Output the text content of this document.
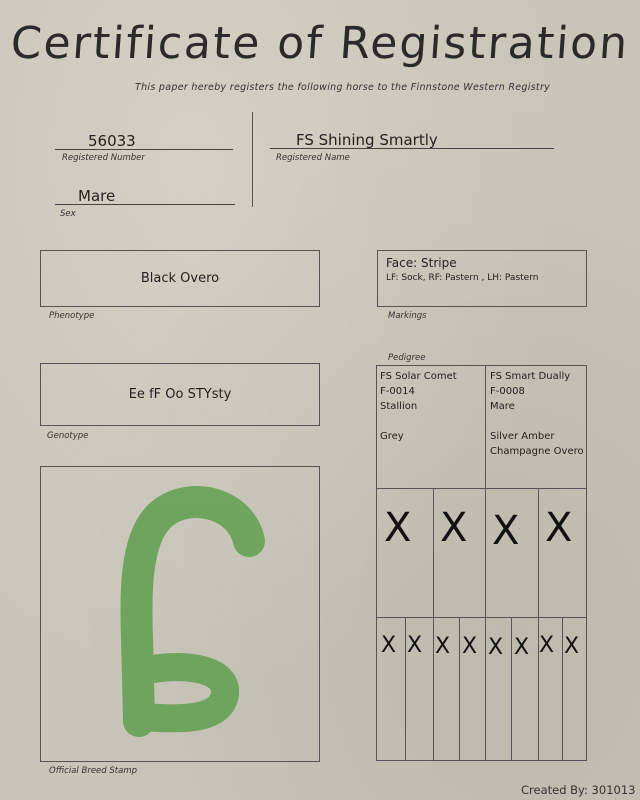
Certificate of Registration
This paper hereby registers the following horse to the Finnstone Western Registry
56033
Registered Number
FS Shining Smartly
Registered Name
Mare
Sex
Black Overo
Phenotype
Face: Stripe
LF: Sock, RF: Pastern , LH: Pastern
Markings
Ee fF Oo STYsty
Genotype
Official Breed Stamp
Pedigree
FS Solar Comet
F-0014
Stallion
Grey
FS Smart Dually
F-0008
Mare
Silver Amber
Champagne Overo
X X X X
X X X X X X X X
Created By: 301013
